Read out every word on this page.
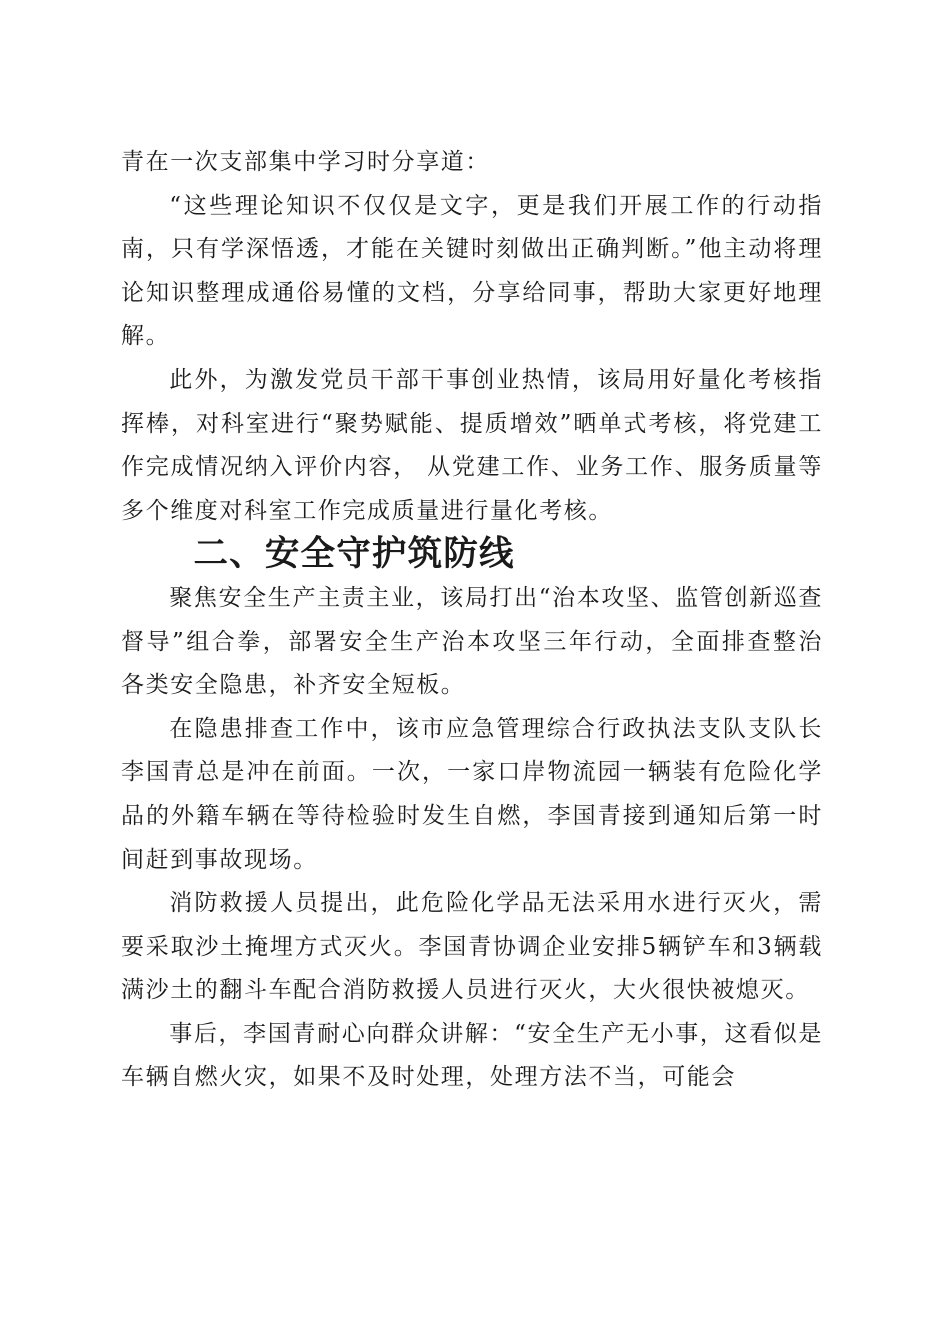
青在一次支部集中学习时分享道：

“这些理论知识不仅仅是文字，更是我们开展工作的行动指南，只有学深悟透，才能在关键时刻做出正确判断。”他主动将理论知识整理成通俗易懂的文档，分享给同事，帮助大家更好地理解。

此外，为激发党员干部干事创业热情，该局用好量化考核指挥棒，对科室进行“聚势赋能、提质增效”晒单式考核，将党建工作完成情况纳入评价内容， 从党建工作、业务工作、服务质量等多个维度对科室工作完成质量进行量化考核。

二、安全守护筑防线

聚焦安全生产主责主业，该局打出“治本攻坚、监管创新巡查督导”组合拳，部署安全生产治本攻坚三年行动，全面排查整治各类安全隐患，补齐安全短板。

在隐患排查工作中，该市应急管理综合行政执法支队支队长李国青总是冲在前面。一次，一家口岸物流园一辆装有危险化学品的外籍车辆在等待检验时发生自燃，李国青接到通知后第一时间赶到事故现场。

消防救援人员提出，此危险化学品无法采用水进行灭火，需要采取沙土掩埋方式灭火。李国青协调企业安排5辆铲车和3辆载满沙土的翻斗车配合消防救援人员进行灭火，大火很快被熄灭。

事后，李国青耐心向群众讲解：“安全生产无小事，这看似是车辆自燃火灾，如果不及时处理，处理方法不当，可能会
